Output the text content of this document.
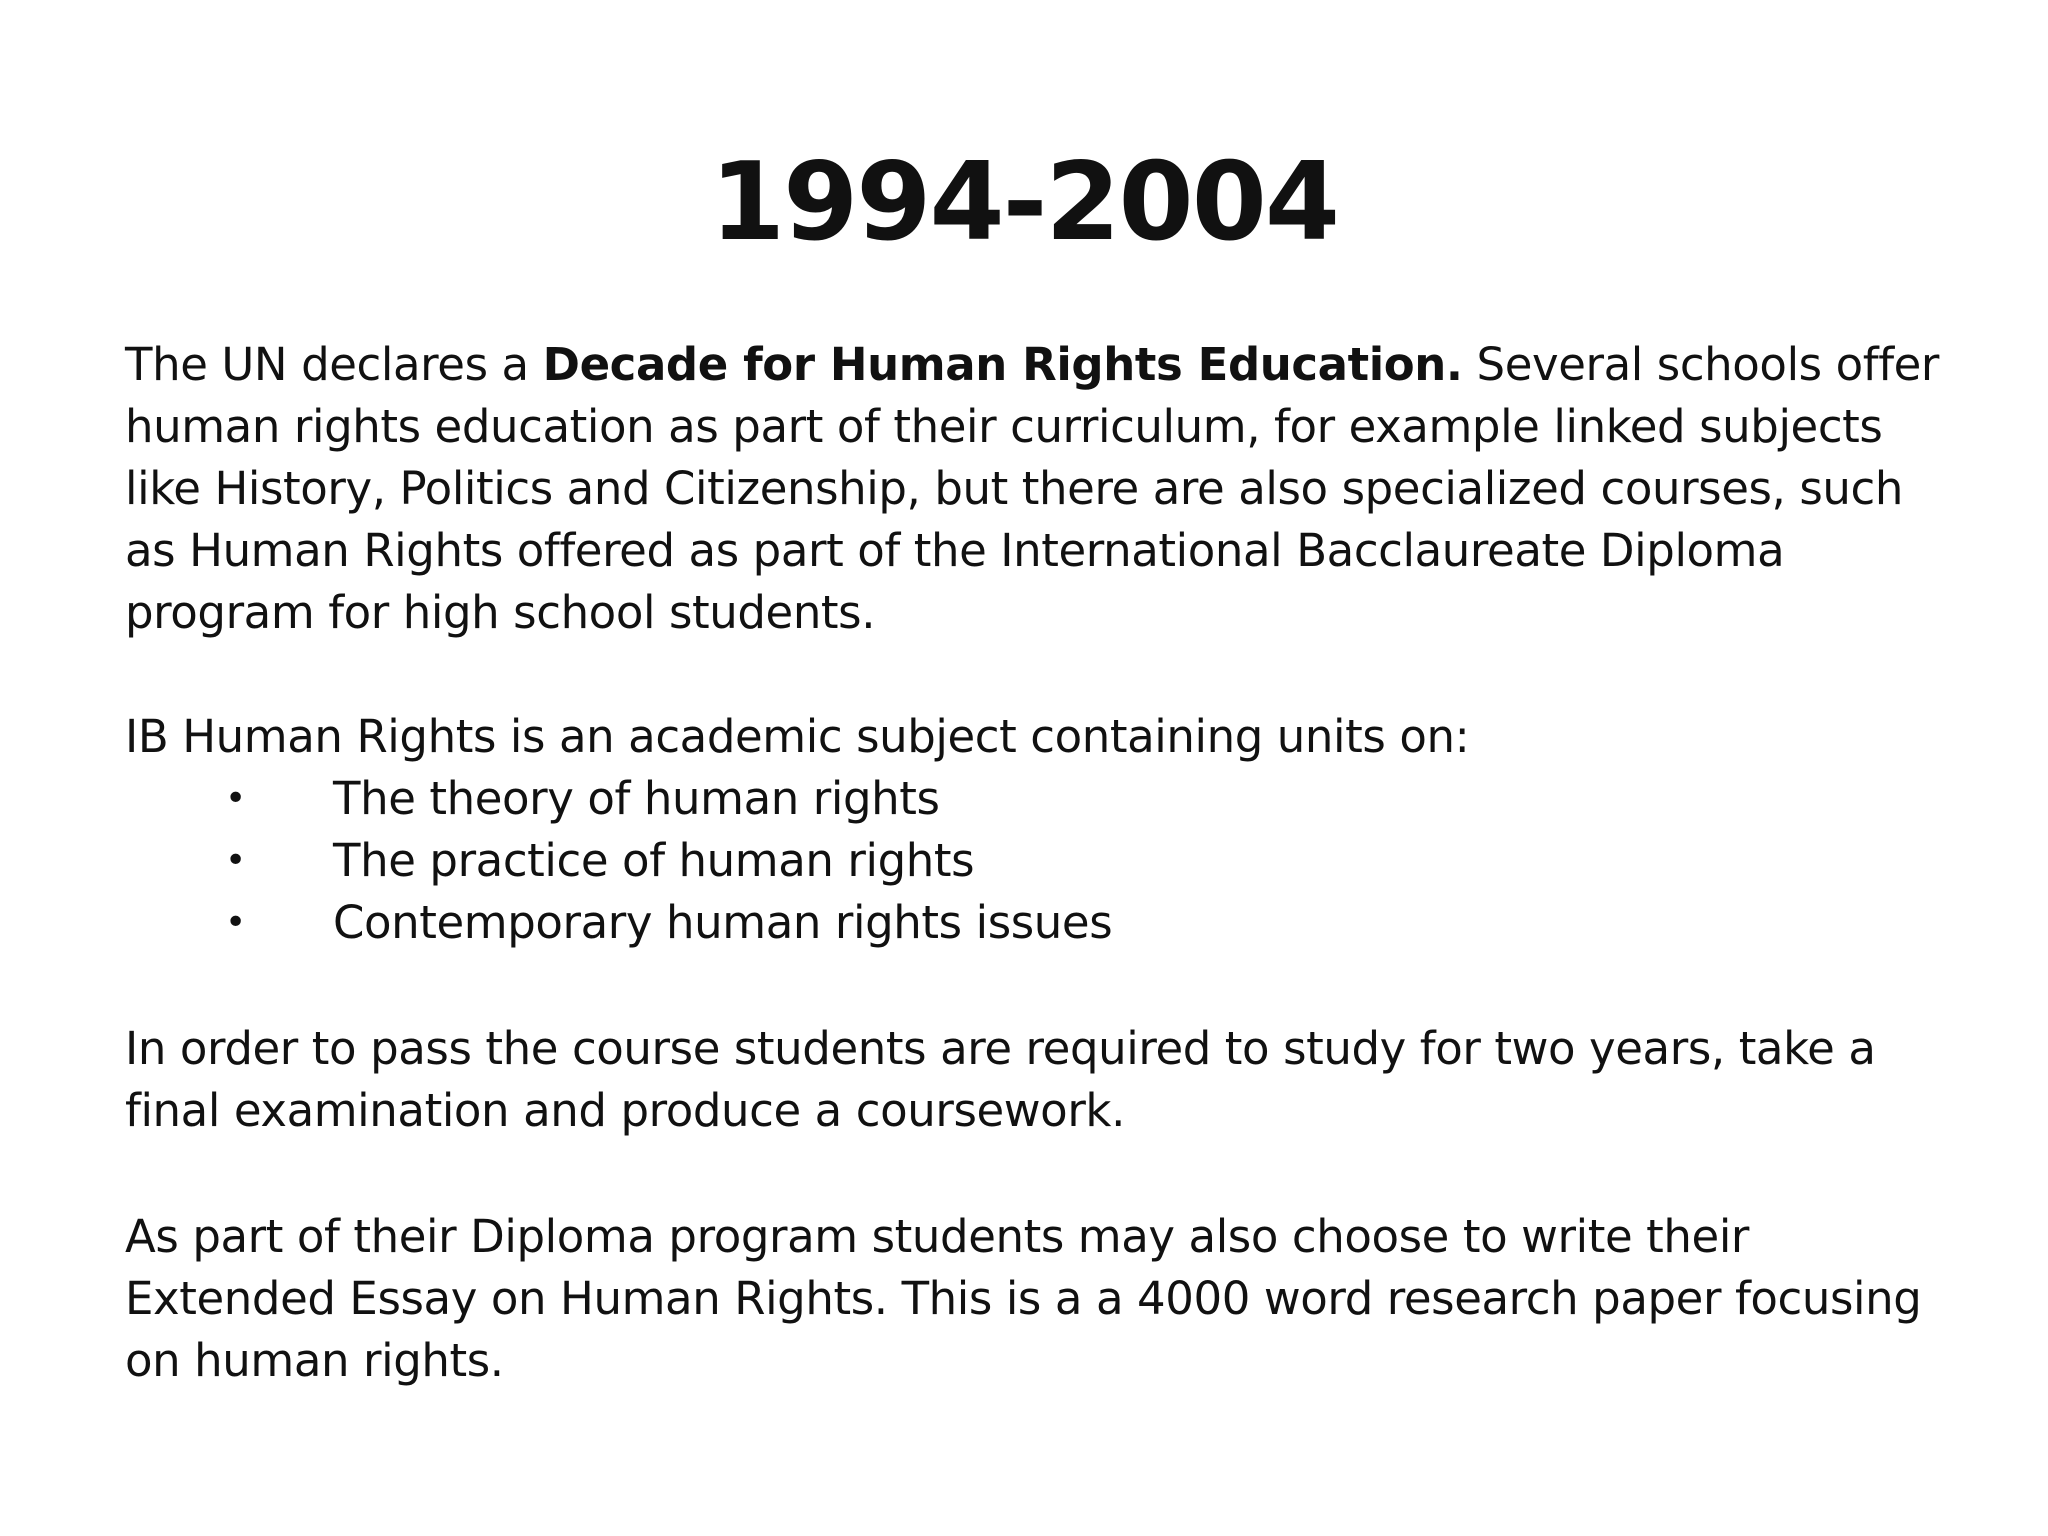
1994-2004

The UN declares a Decade for Human Rights Education. Several schools offer human rights education as part of their curriculum, for example linked subjects like History, Politics and Citizenship, but there are also specialized courses, such as Human Rights offered as part of the International Bacclaureate Diploma program for high school students.

IB Human Rights is an academic subject containing units on:

• The theory of human rights
• The practice of human rights
• Contemporary human rights issues

In order to pass the course students are required to study for two years, take a final examination and produce a coursework.

As part of their Diploma program students may also choose to write their Extended Essay on Human Rights. This is a a 4000 word research paper focusing on human rights.
